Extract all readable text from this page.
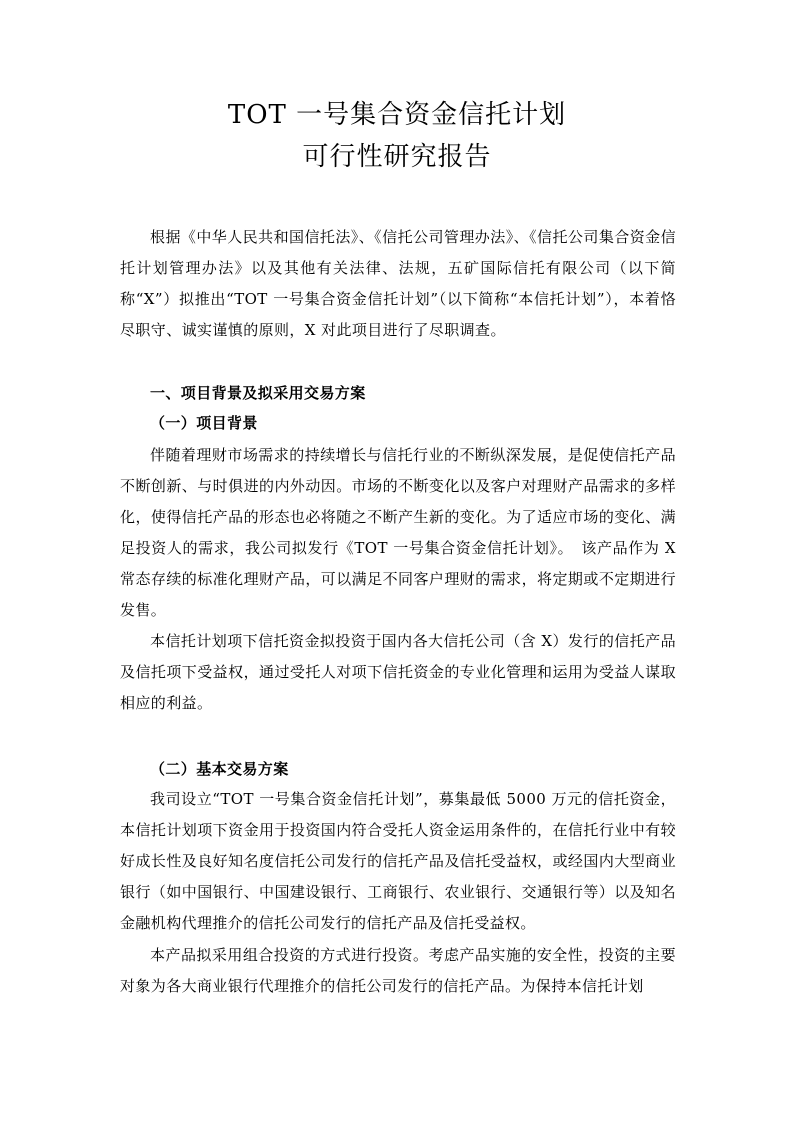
TOT 一号集合资金信托计划
可行性研究报告

根据《中华人民共和国信托法》、《信托公司管理办法》、《信托公司集合资金信托计划管理办法》以及其他有关法律、法规，五矿国际信托有限公司（以下简称“X”）拟推出“TOT 一号集合资金信托计划”（以下简称“本信托计划”），本着恪尽职守、诚实谨慎的原则，X 对此项目进行了尽职调查。

一、项目背景及拟采用交易方案
（一）项目背景

伴随着理财市场需求的持续增长与信托行业的不断纵深发展，是促使信托产品不断创新、与时俱进的内外动因。市场的不断变化以及客户对理财产品需求的多样化，使得信托产品的形态也必将随之不断产生新的变化。为了适应市场的变化、满足投资人的需求，我公司拟发行《TOT 一号集合资金信托计划》。　该产品作为 X 常态存续的标准化理财产品，可以满足不同客户理财的需求，将定期或不定期进行发售。

本信托计划项下信托资金拟投资于国内各大信托公司（含 X）发行的信托产品及信托项下受益权，通过受托人对项下信托资金的专业化管理和运用为受益人谋取相应的利益。

（二）基本交易方案

我司设立“TOT 一号集合资金信托计划”，募集最低 5000 万元的信托资金，本信托计划项下资金用于投资国内符合受托人资金运用条件的，在信托行业中有较好成长性及良好知名度信托公司发行的信托产品及信托受益权，或经国内大型商业银行（如中国银行、中国建设银行、工商银行、农业银行、交通银行等）以及知名金融机构代理推介的信托公司发行的信托产品及信托受益权。

本产品拟采用组合投资的方式进行投资。考虑产品实施的安全性，投资的主要对象为各大商业银行代理推介的信托公司发行的信托产品。为保持本信托计划
